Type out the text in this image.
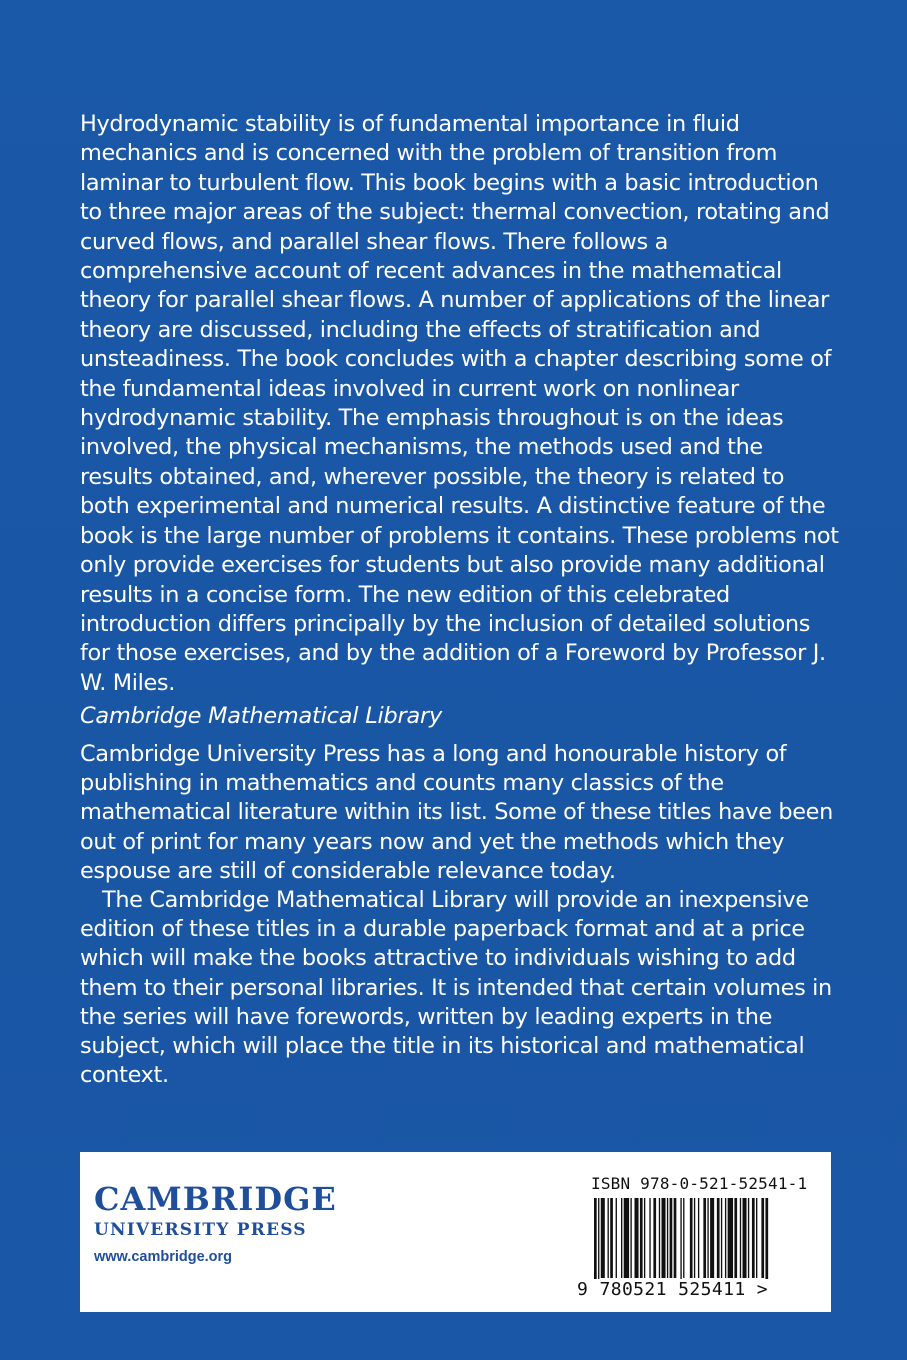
Hydrodynamic stability is of fundamental importance in fluid mechanics and is concerned with the problem of transition from laminar to turbulent flow. This book begins with a basic introduction to three major areas of the subject: thermal convection, rotating and curved flows, and parallel shear flows. There follows a comprehensive account of recent advances in the mathematical theory for parallel shear flows. A number of applications of the linear theory are discussed, including the effects of stratification and unsteadiness. The book concludes with a chapter describing some of the fundamental ideas involved in current work on nonlinear hydrodynamic stability. The emphasis throughout is on the ideas involved, the physical mechanisms, the methods used and the results obtained, and, wherever possible, the theory is related to both experimental and numerical results. A distinctive feature of the book is the large number of problems it contains. These problems not only provide exercises for students but also provide many additional results in a concise form. The new edition of this celebrated introduction differs principally by the inclusion of detailed solutions for those exercises, and by the addition of a Foreword by Professor J. W. Miles.

Cambridge Mathematical Library

Cambridge University Press has a long and honourable history of publishing in mathematics and counts many classics of the mathematical literature within its list. Some of these titles have been out of print for many years now and yet the methods which they espouse are still of considerable relevance today.

The Cambridge Mathematical Library will provide an inexpensive edition of these titles in a durable paperback format and at a price which will make the books attractive to individuals wishing to add them to their personal libraries. It is intended that certain volumes in the series will have forewords, written by leading experts in the subject, which will place the title in its historical and mathematical context.

CAMBRIDGE
UNIVERSITY PRESS
www.cambridge.org
ISBN 978-0-521-52541-1
9 780521 525411 >
